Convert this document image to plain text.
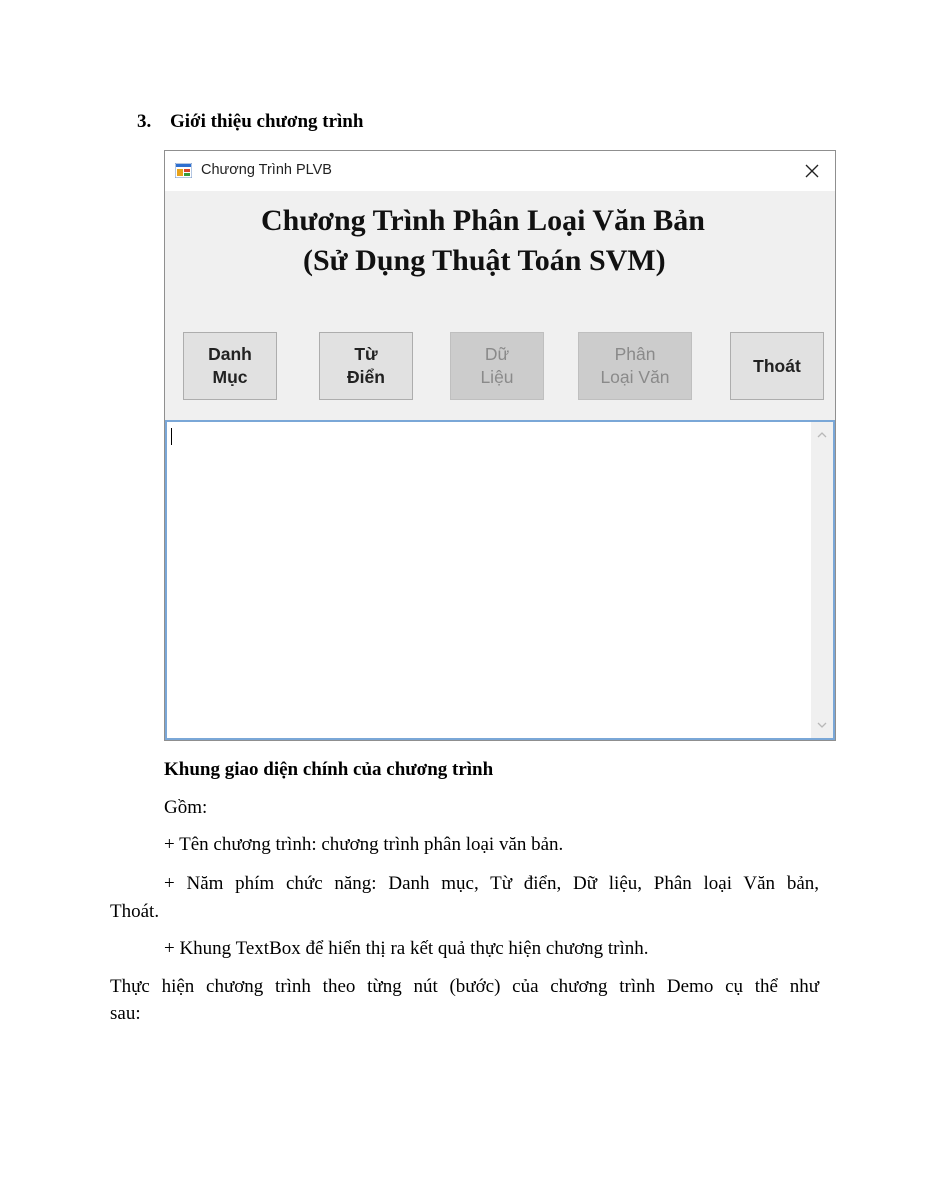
3. Giới thiệu chương trình
Chương Trình PLVB
Chương Trình Phân Loại Văn Bản
(Sử Dụng Thuật Toán SVM)
Danh
Mục
Từ
Điển
Dữ
Liệu
Phân
Loại Văn
Thoát
Khung giao diện chính của chương trình
Gồm:
+ Tên chương trình: chương trình phân loại văn bản.
+ Năm phím chức năng: Danh mục, Từ điển, Dữ liệu, Phân loại Văn bản,
Thoát.
+ Khung TextBox để hiển thị ra kết quả thực hiện chương trình.
Thực hiện chương trình theo từng nút (bước) của chương trình Demo cụ thể như
sau:
